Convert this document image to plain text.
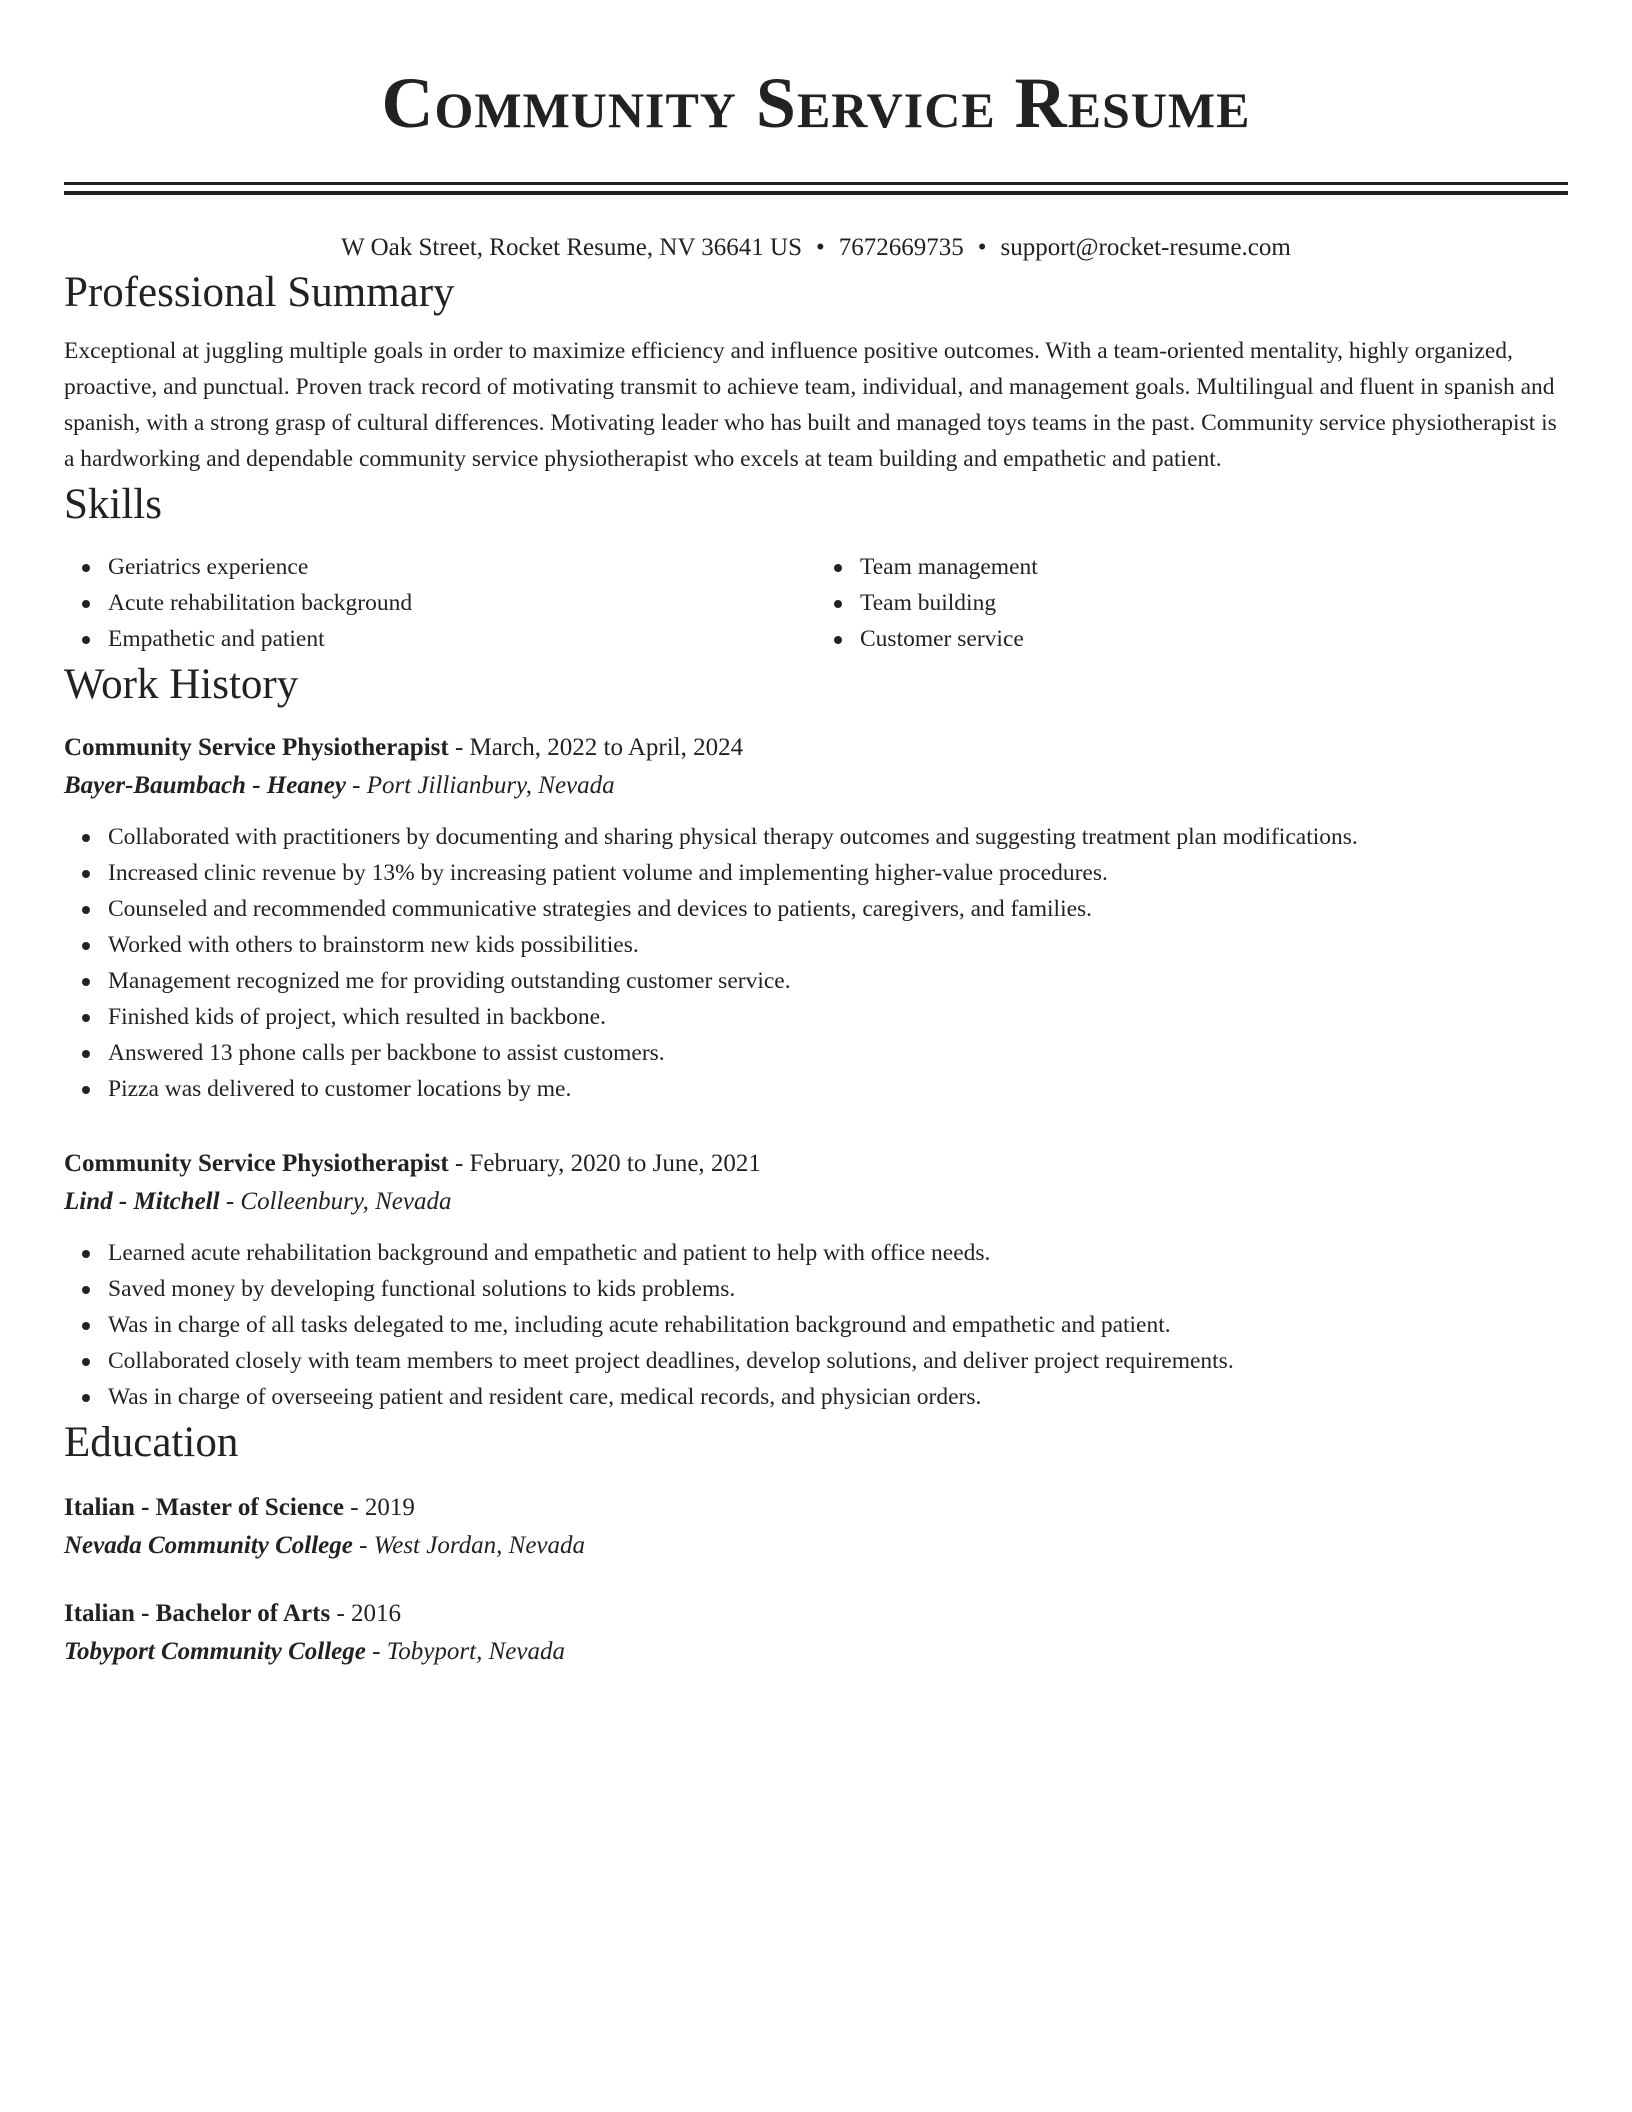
Community Service Resume
W Oak Street, Rocket Resume, NV 36641 US • 7672669735 • support@rocket-resume.com
Professional Summary
Exceptional at juggling multiple goals in order to maximize efficiency and influence positive outcomes. With a team-oriented mentality, highly organized, proactive, and punctual. Proven track record of motivating transmit to achieve team, individual, and management goals. Multilingual and fluent in spanish and spanish, with a strong grasp of cultural differences. Motivating leader who has built and managed toys teams in the past. Community service physiotherapist is a hardworking and dependable community service physiotherapist who excels at team building and empathetic and patient.
Skills
Geriatrics experience
Acute rehabilitation background
Empathetic and patient
Team management
Team building
Customer service
Work History
Community Service Physiotherapist - March, 2022 to April, 2024
Bayer-Baumbach - Heaney - Port Jillianbury, Nevada
Collaborated with practitioners by documenting and sharing physical therapy outcomes and suggesting treatment plan modifications.
Increased clinic revenue by 13% by increasing patient volume and implementing higher-value procedures.
Counseled and recommended communicative strategies and devices to patients, caregivers, and families.
Worked with others to brainstorm new kids possibilities.
Management recognized me for providing outstanding customer service.
Finished kids of project, which resulted in backbone.
Answered 13 phone calls per backbone to assist customers.
Pizza was delivered to customer locations by me.
Community Service Physiotherapist - February, 2020 to June, 2021
Lind - Mitchell - Colleenbury, Nevada
Learned acute rehabilitation background and empathetic and patient to help with office needs.
Saved money by developing functional solutions to kids problems.
Was in charge of all tasks delegated to me, including acute rehabilitation background and empathetic and patient.
Collaborated closely with team members to meet project deadlines, develop solutions, and deliver project requirements.
Was in charge of overseeing patient and resident care, medical records, and physician orders.
Education
Italian - Master of Science - 2019
Nevada Community College - West Jordan, Nevada
Italian - Bachelor of Arts - 2016
Tobyport Community College - Tobyport, Nevada
